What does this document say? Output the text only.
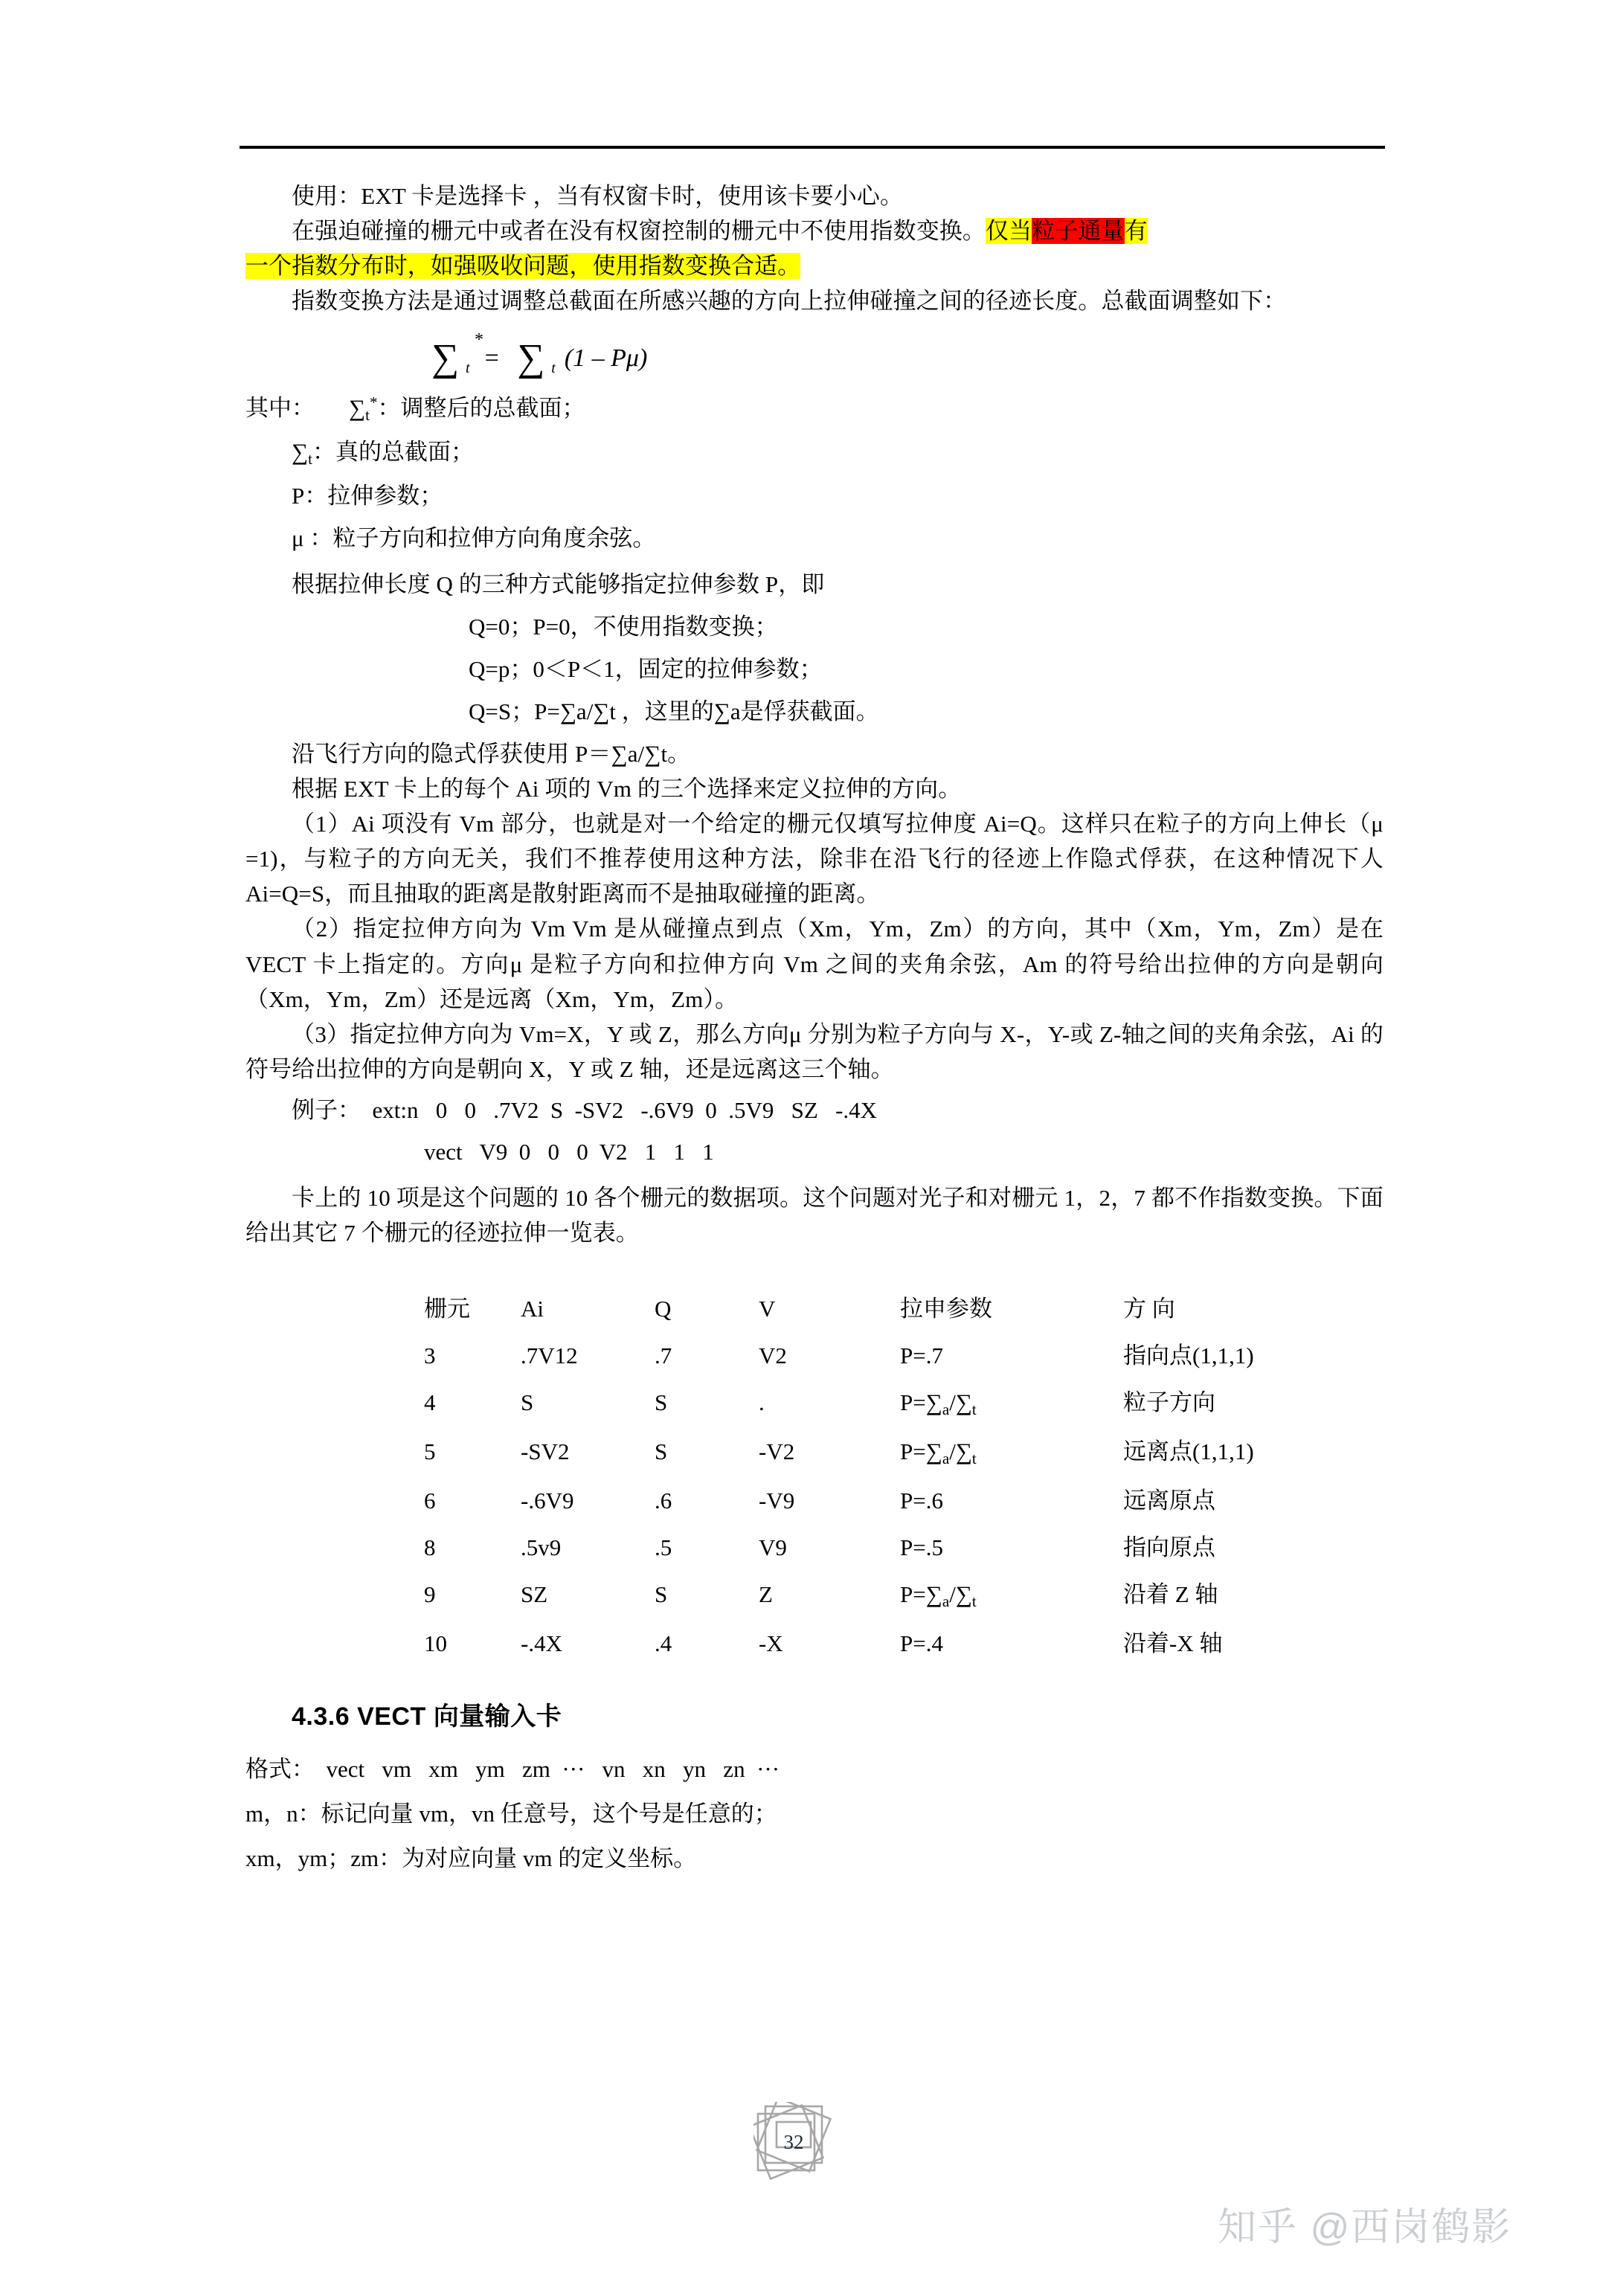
使用：EXT 卡是选择卡 ，当有权窗卡时，使用该卡要小心。

在强迫碰撞的栅元中或者在没有权窗控制的栅元中不使用指数变换。仅当粒子通量有
一个指数分布时，如强吸收问题，使用指数变换合适。

指数变换方法是通过调整总截面在所感兴趣的方向上拉伸碰撞之间的径迹长度。总截面调整如下：

∑ t
*
= ∑ t (1 – Pμ)
其中： $\sum_t^*$：调整后的总截面；
$\sum_t$：真的总截面；
P：拉伸参数；
μ ：粒子方向和拉伸方向角度余弦。

根据拉伸长度 Q 的三种方式能够指定拉伸参数 P，即

Q=0；P=0，不使用指数变换；
Q=p；0＜P＜1，固定的拉伸参数；
Q=S；P=∑a/∑t ，这里的∑a是俘获截面。

沿飞行方向的隐式俘获使用 P＝∑a/∑t。

根据 EXT 卡上的每个 Ai 项的 Vm 的三个选择来定义拉伸的方向。

（1）Ai 项没有 Vm 部分，也就是对一个给定的栅元仅填写拉伸度 Ai=Q。这样只在粒子的方向上伸长（μ =1)，与粒子的方向无关，我们不推荐使用这种方法，除非在沿飞行的径迹上作隐式俘获，在这种情况下人 Ai=Q=S，而且抽取的距离是散射距离而不是抽取碰撞的距离。

（2）指定拉伸方向为 Vm Vm 是从碰撞点到点（Xm，Ym，Zm）的方向，其中（Xm，Ym，Zm）是在 VECT 卡上指定的。方向μ 是粒子方向和拉伸方向 Vm 之间的夹角余弦，Am 的符号给出拉伸的方向是朝向（Xm，Ym，Zm）还是远离（Xm，Ym，Zm）。

（3）指定拉伸方向为 Vm=X，Y 或 Z，那么方向μ 分别为粒子方向与 X-，Y-或 Z-轴之间的夹角余弦，Ai 的符号给出拉伸的方向是朝向 X，Y 或 Z 轴，还是远离这三个轴。

例子： ext:n   0   0   .7V2  S  -SV2   -.6V9  0  .5V9   SZ   -.4X
vect   V9  0   0   0  V2   1   1   1

卡上的 10 项是这个问题的 10 各个栅元的数据项。这个问题对光子和对栅元 1，2，7 都不作指数变换。下面给出其它 7 个栅元的径迹拉伸一览表。

栅元	Ai	Q	V	拉申参数	方 向
3	.7V12	.7	V2	P=.7	指向点(1,1,1)
4	S	S	.	$P=\sum_a/\sum_t$	粒子方向
5	-SV2	S	-V2	$P=\sum_a/\sum_t$	远离点(1,1,1)
6	-.6V9	.6	-V9	P=.6	远离原点
8	.5v9	.5	V9	P=.5	指向原点
9	SZ	S	Z	$P=\sum_a/\sum_t$	沿着 Z 轴
10	-.4X	.4	-X	P=.4	沿着-X 轴
4.3.6 VECT 向量输入卡
格式： vect   vm   xm   ym   zm  ···   vn   xn   yn   zn  ···
m，n：标记向量 vm，vn 任意号，这个号是任意的；
xm，ym；zm：为对应向量 vm 的定义坐标。
32
知乎 @西岗鹤影
